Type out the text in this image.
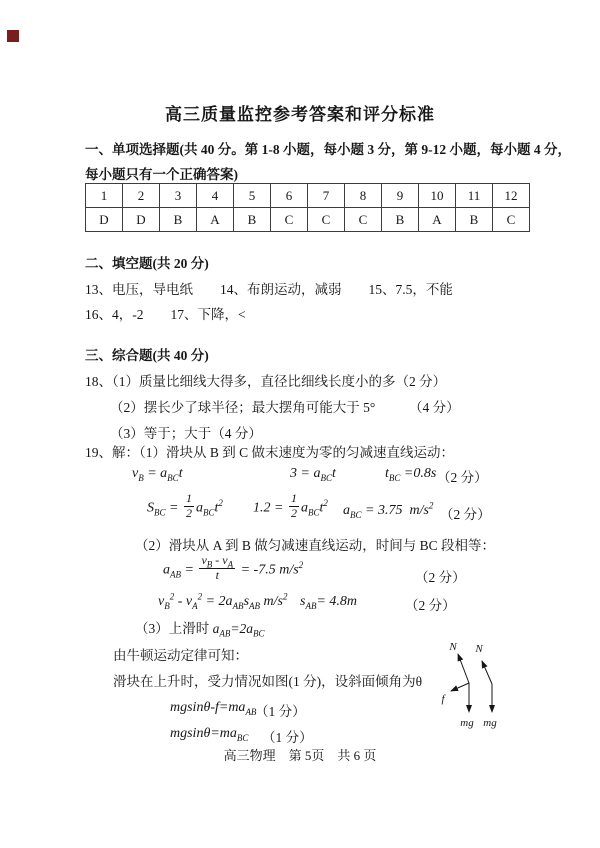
高三质量监控参考答案和评分标准
一、单项选择题(共 40 分。第 1-8 小题，每小题 3 分，第 9-12 小题，每小题 4 分，
每小题只有一个正确答案)
1	2	3	4	5	6	7	8	9	10	11	12
D	D	B	A	B	C	C	C	B	A	B	C
二、填空题(共 20 分)
13、电压，导电纸　　14、布朗运动，减弱　　15、7.5，不能
16、4，-2　　17、下降，<
三、综合题(共 40 分)
18、（1）质量比细线大得多，直径比细线长度小的多（2 分）
（2）摆长少了球半径；最大摆角可能大于 5°　　　（4 分）
（3）等于；大于（4 分）
19、解：（1）滑块从 B 到 C 做末速度为零的匀减速直线运动：
$v_B = a_{BC}t$	$3 = a_{BC}t$	$t_{BC} =0.8s$ （2 分）
$S_{BC} = \frac{1}{2} a_{BC}t^2$ $1.2 = \frac{1}{2} a_{BC}t^2$
$a_{BC} = 3.75$  $m/s^2$
（2 分）
（2）滑块从 A 到 B 做匀减速直线运动，时间与 BC 段相等：
$a_{AB} = \frac{v_B - v_A}{t} = -7.5$ $m/s^2$
（2 分）
$v_B^2 - v_A^2 = 2a_{AB}s_{AB}$ $m/s^2$ $s_{AB}= 4.8m$	（2 分）
（3）上滑时 $a_{AB}=2a_{BC}$
由牛顿运动定律可知：
滑块在上升时，受力情况如图(1 分)，设斜面倾角为θ
mgsinθ-$f=ma_{AB}$
（1 分）
$mgsin\theta=ma_{BC}$ （1 分）
N
f
mg
N
mg
高三物理　第 5页　共 6 页
